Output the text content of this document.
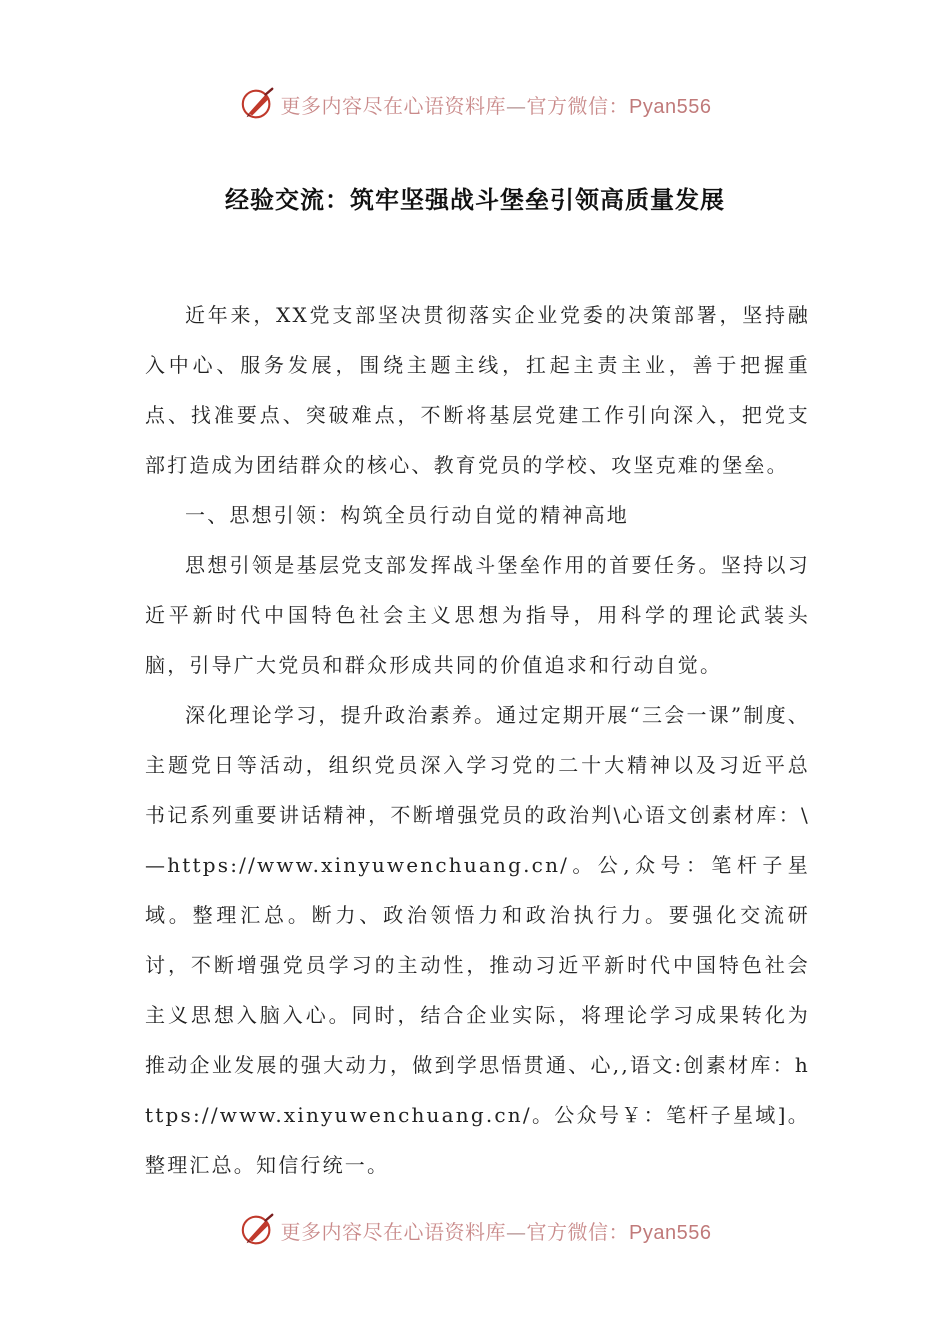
更多内容尽在心语资料库—官方微信：Pyan556
经验交流：筑牢坚强战斗堡垒引领高质量发展

近年来，XX党支部坚决贯彻落实企业党委的决策部署，坚持融入中心、服务发展，围绕主题主线，扛起主责主业，善于把握重点、找准要点、突破难点，不断将基层党建工作引向深入，把党支部打造成为团结群众的核心、教育党员的学校、攻坚克难的堡垒。

一、思想引领：构筑全员行动自觉的精神高地

思想引领是基层党支部发挥战斗堡垒作用的首要任务。坚持以习近平新时代中国特色社会主义思想为指导，用科学的理论武装头脑，引导广大党员和群众形成共同的价值追求和行动自觉。

深化理论学习，提升政治素养。通过定期开展“三会一课”制度、主题党日等活动，组织党员深入学习党的二十大精神以及习近平总书记系列重要讲话精神，不断增强党员的政治判\心语文创素材库：\—https://www.xinyuwenchuang.cn/。公,众号：笔杆子星域。整理汇总。断力、政治领悟力和政治执行力。要强化交流研讨，不断增强党员学习的主动性，推动习近平新时代中国特色社会主义思想入脑入心。同时，结合企业实际，将理论学习成果转化为推动企业发展的强大动力，做到学思悟贯通、心,,语文:创素材库：https://www.xinyuwenchuang.cn/。公众号￥：笔杆子星域]。整理汇总。知信行统一。

更多内容尽在心语资料库—官方微信：Pyan556
